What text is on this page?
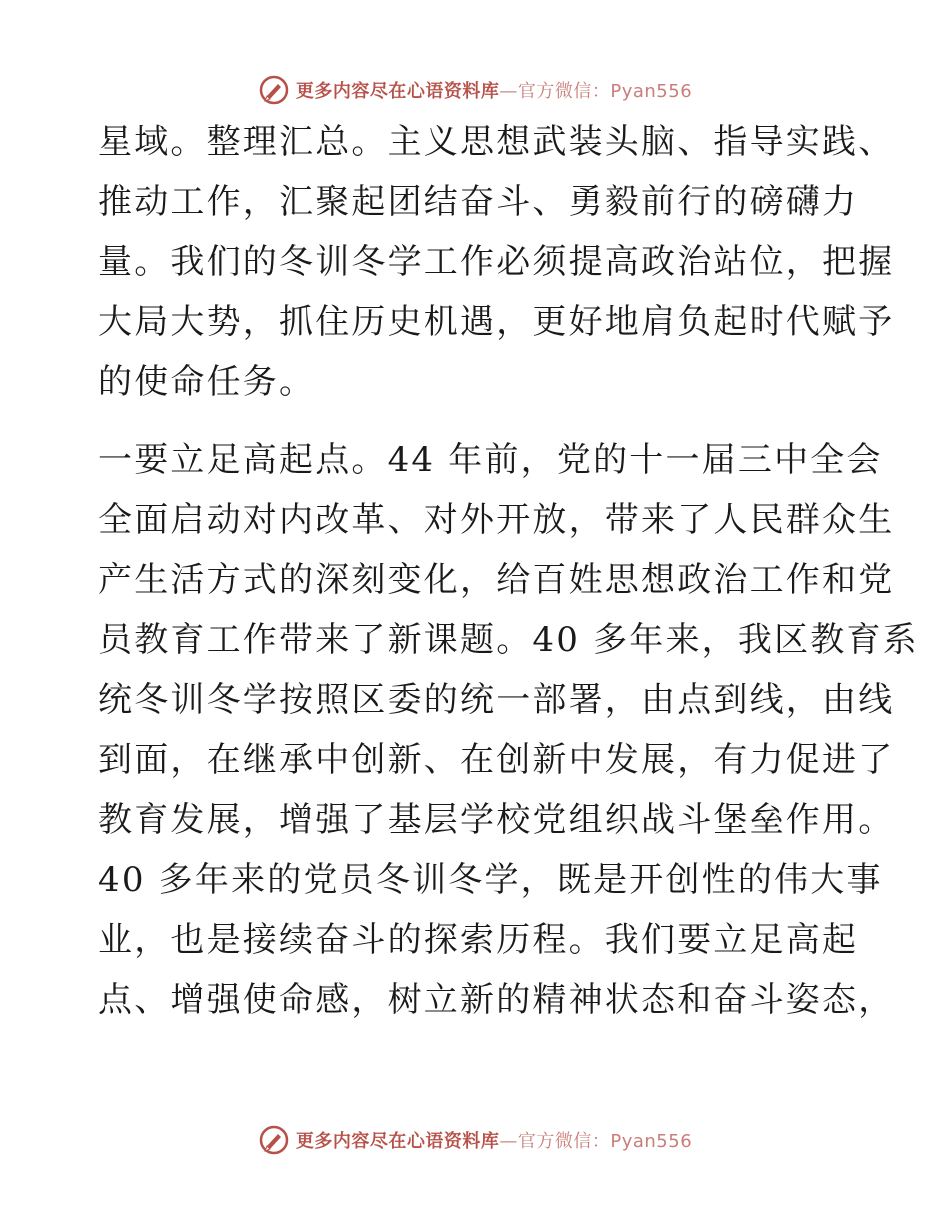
更多内容尽在心语资料库—官方微信：Pyan556
星域。整理汇总。主义思想武装头脑、指导实践、
推动工作，汇聚起团结奋斗、勇毅前行的磅礴力
量。我们的冬训冬学工作必须提高政治站位，把握
大局大势，抓住历史机遇，更好地肩负起时代赋予
的使命任务。
一要立足高起点。44 年前，党的十一届三中全会
全面启动对内改革、对外开放，带来了人民群众生
产生活方式的深刻变化，给百姓思想政治工作和党
员教育工作带来了新课题。40 多年来，我区教育系
统冬训冬学按照区委的统一部署，由点到线，由线
到面，在继承中创新、在创新中发展，有力促进了
教育发展，增强了基层学校党组织战斗堡垒作用。
40 多年来的党员冬训冬学，既是开创性的伟大事
业，也是接续奋斗的探索历程。我们要立足高起
点、增强使命感，树立新的精神状态和奋斗姿态，
更多内容尽在心语资料库—官方微信：Pyan556
